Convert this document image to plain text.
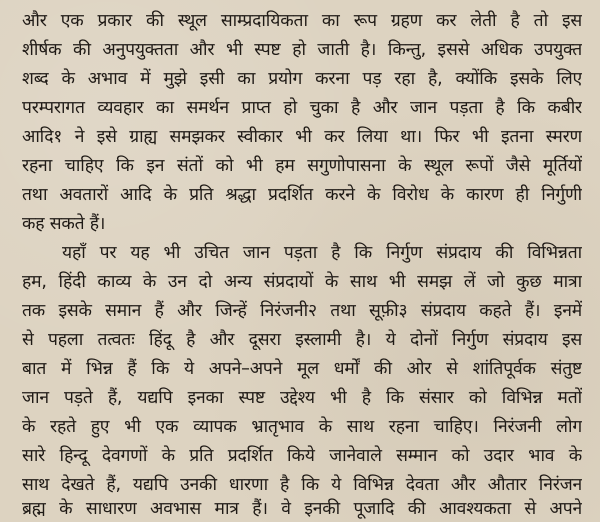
और एक प्रकार की स्थूल साम्प्रदायिकता का रूप ग्रहण कर लेती है तो इस
शीर्षक की अनुपयुक्तता और भी स्पष्ट हो जाती है। किन्तु, इससे अधिक उपयुक्त
शब्द के अभाव में मुझे इसी का प्रयोग करना पड़ रहा है, क्योंकि इसके लिए
परम्परागत व्यवहार का समर्थन प्राप्त हो चुका है और जान पड़ता है कि कबीर
आदि१ ने इसे ग्राह्य समझकर स्वीकार भी कर लिया था। फिर भी इतना स्मरण
रहना चाहिए कि इन संतों को भी हम सगुणोपासना के स्थूल रूपों जैसे मूर्तियों
तथा अवतारों आदि के प्रति श्रद्धा प्रदर्शित करने के विरोध के कारण ही निर्गुणी
कह सकते हैं।
यहाँ पर यह भी उचित जान पड़ता है कि निर्गुण संप्रदाय की विभिन्नता
हम, हिंदी काव्य के उन दो अन्य संप्रदायों के साथ भी समझ लें जो कुछ मात्रा
तक इसके समान हैं और जिन्हें निरंजनी२ तथा सूफ़ी३ संप्रदाय कहते हैं। इनमें
से पहला तत्वतः हिंदू है और दूसरा इस्लामी है। ये दोनों निर्गुण संप्रदाय इस
बात में भिन्न हैं कि ये अपने–अपने मूल धर्मों की ओर से शांतिपूर्वक संतुष्ट
जान पड़ते हैं, यद्यपि इनका स्पष्ट उद्देश्य भी है कि संसार को विभिन्न मतों
के रहते हुए भी एक व्यापक भ्रातृभाव के साथ रहना चाहिए। निरंजनी लोग
सारे हिन्दू देवगणों के प्रति प्रदर्शित किये जानेवाले सम्मान को उदार भाव के
साथ देखते हैं, यद्यपि उनकी धारणा है कि ये विभिन्न देवता और औतार निरंजन
ब्रह्म के साधारण अवभास मात्र हैं। वे इनकी पूजादि की आवश्यकता से अपने
